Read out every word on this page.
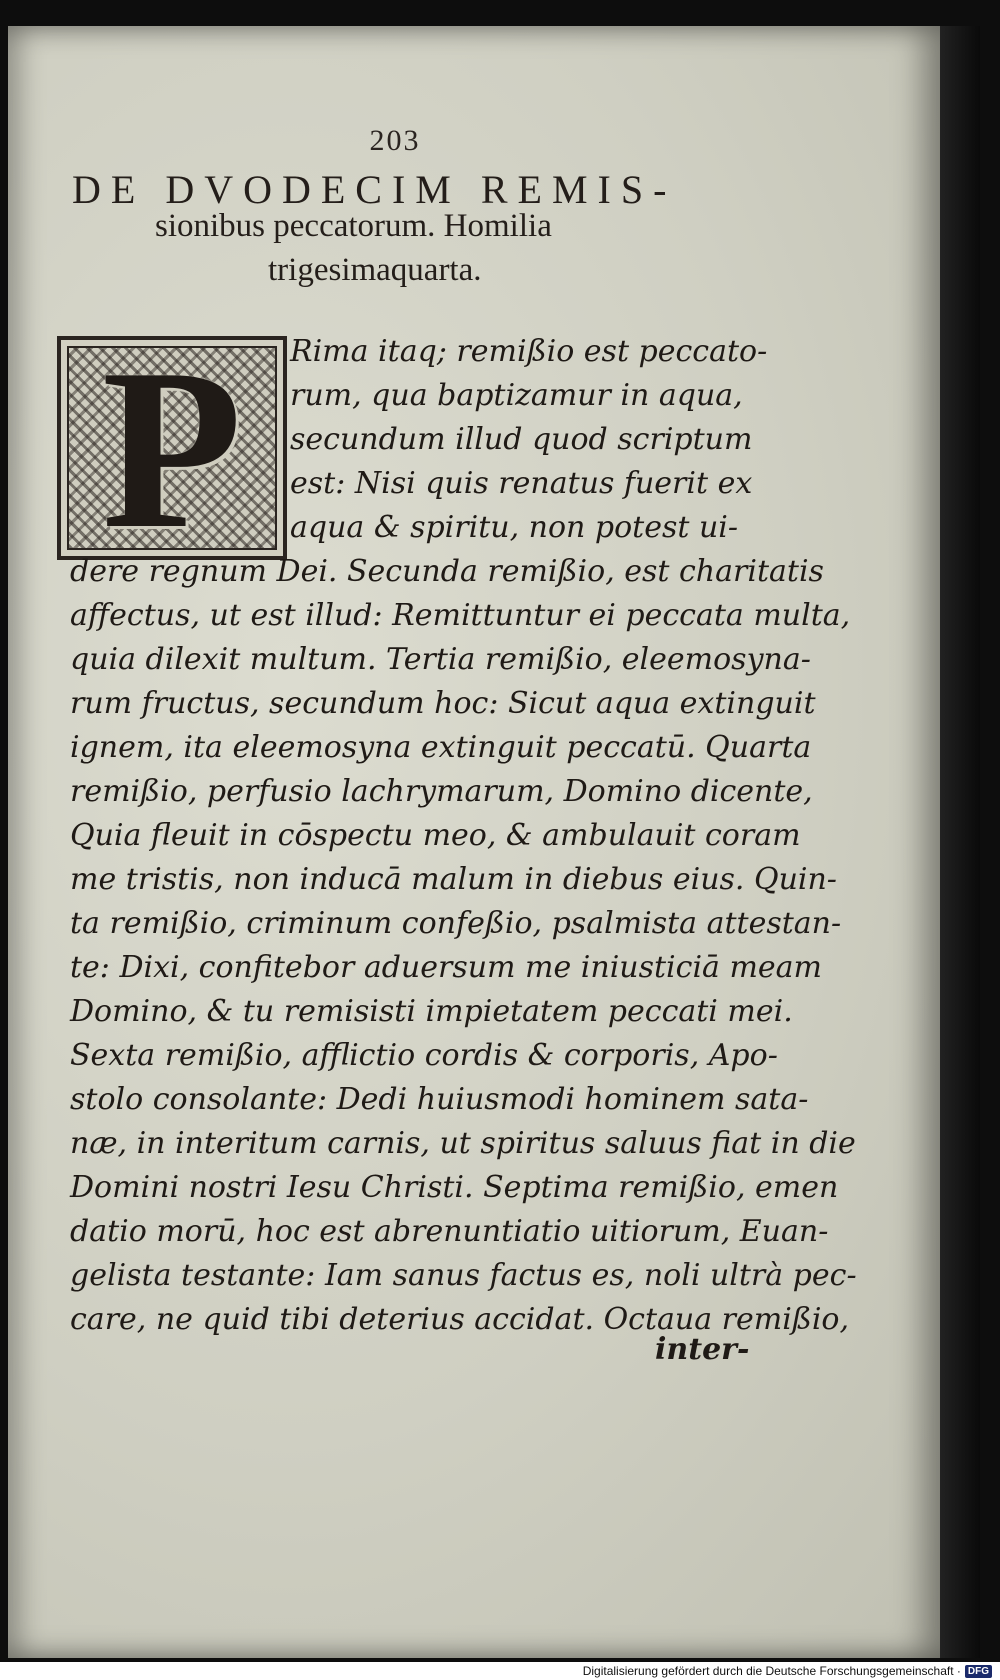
203
DE DVODECIM REMIS-
sionibus peccatorum. Homilia
trigesimaquarta.
P	Rima itaq; remißio est peccato-
rum, qua baptizamur in aqua,
secundum illud quod scriptum
est: Nisi quis renatus fuerit ex
aqua & spiritu, non potest ui-
dere regnum Dei. Secunda remißio, est charitatis
affectus, ut est illud: Remittuntur ei peccata multa,
quia dilexit multum. Tertia remißio, eleemosyna-
rum fructus, secundum hoc: Sicut aqua extinguit
ignem, ita eleemosyna extinguit peccatū. Quarta
remißio, perfusio lachrymarum, Domino dicente,
Quia fleuit in cōspectu meo, & ambulauit coram
me tristis, non inducā malum in diebus eius. Quin-
ta remißio, criminum confeßio, psalmista attestan-
te: Dixi, confitebor aduersum me iniusticiā meam
Domino, & tu remisisti impietatem peccati mei.
Sexta remißio, afflictio cordis & corporis, Apo-
stolo consolante: Dedi huiusmodi hominem sata-
næ, in interitum carnis, ut spiritus saluus fiat in die
Domini nostri Iesu Christi. Septima remißio, emen
datio morū, hoc est abrenuntiatio uitiorum, Euan-
gelista testante: Iam sanus factus es, noli ultrà pec-
care, ne quid tibi deterius accidat. Octaua remißio,
inter-
Digitalisierung gefördert durch die Deutsche Forschungsgemeinschaft · DFG
